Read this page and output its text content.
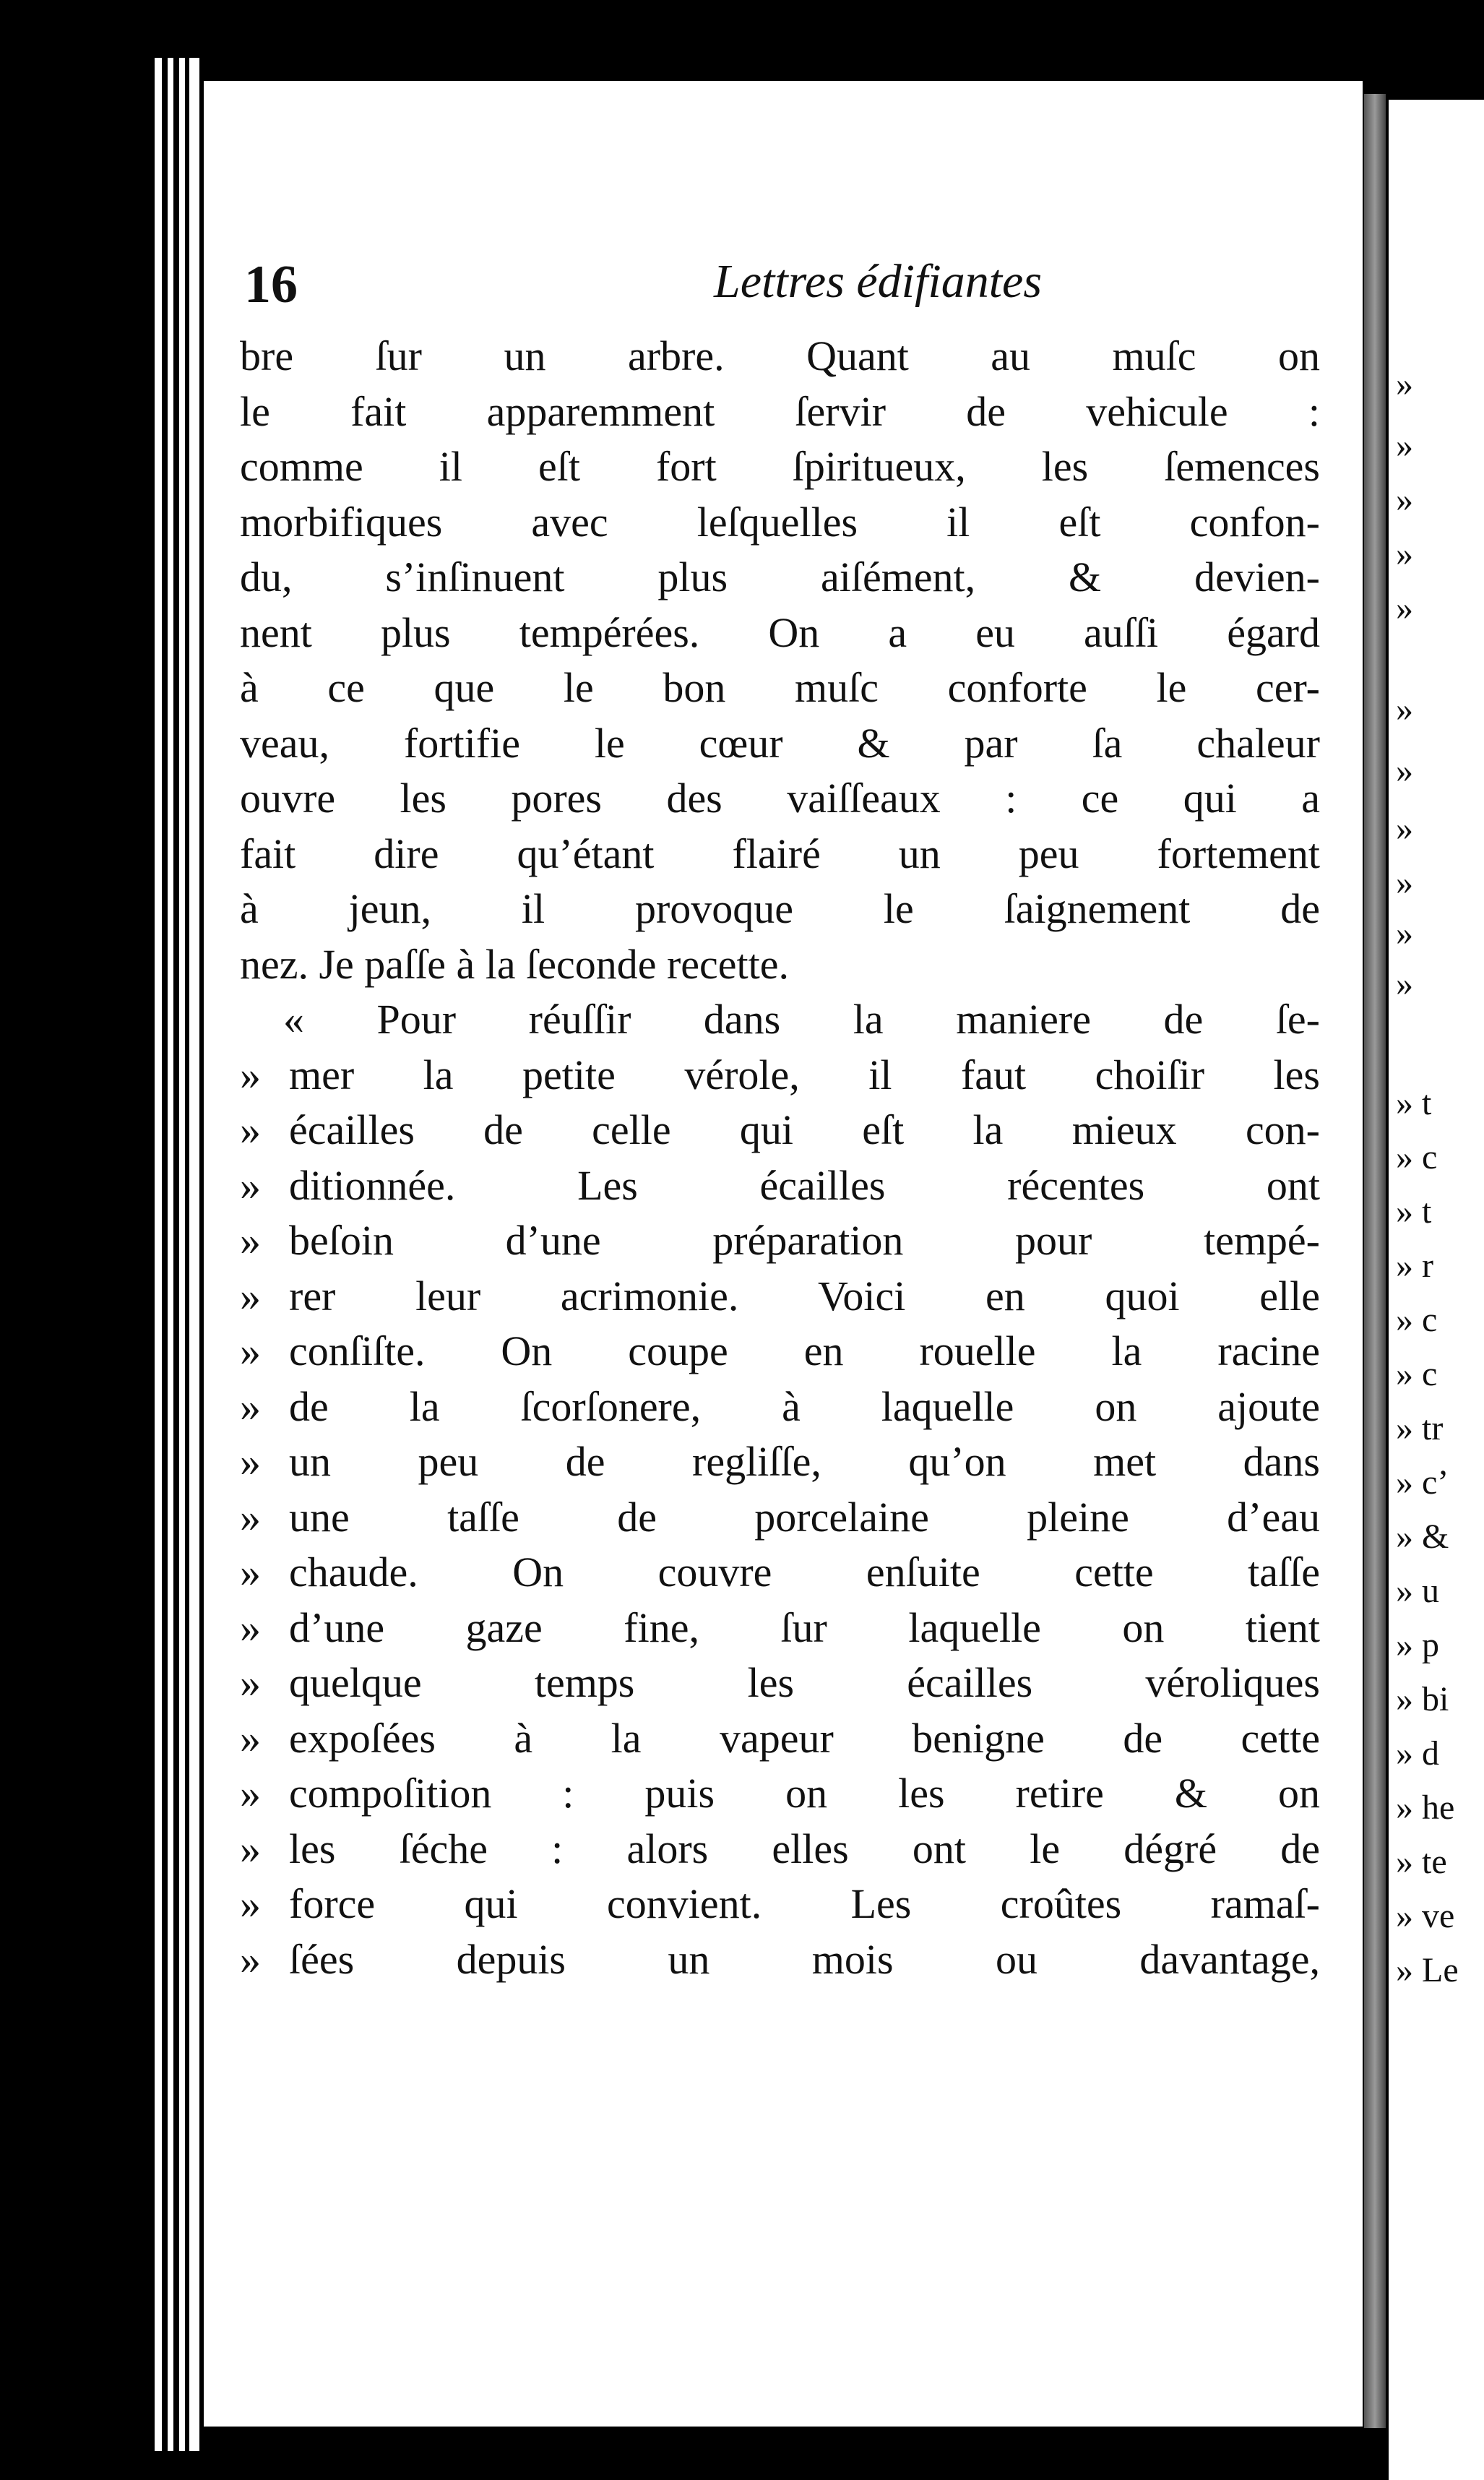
»
»
»
»
»
»
»
»
»
»
»
» t
» c
» t
» r
» c
» c
» tr
» c’
» &
» u
» p
» bi
» d
» he
» te
» ve
» Le
16	Lettres édifiantes
bre ſur un arbre. Quant au muſc on
le fait apparemment ſervir de vehicule :
comme il eſt fort ſpiritueux, les ſemences
morbifiques avec leſquelles il eſt confon-
du, s’inſinuent plus aiſément, & devien-
nent plus tempérées. On a eu auſſi égard
à ce que le bon muſc conforte le cer-
veau, fortifie le cœur & par ſa chaleur
ouvre les pores des vaiſſeaux : ce qui a
fait dire qu’étant flairé un peu fortement
à jeun, il provoque le ſaignement de
nez. Je paſſe à la ſeconde recette.
« Pour réuſſir dans la maniere de ſe-
» mer la petite vérole, il faut choiſir les
» écailles de celle qui eſt la mieux con-
» ditionnée. Les écailles récentes ont
» beſoin d’une préparation pour tempé-
» rer leur acrimonie. Voici en quoi elle
» conſiſte. On coupe en rouelle la racine
» de la ſcorſonere, à laquelle on ajoute
» un peu de regliſſe, qu’on met dans
» une taſſe de porcelaine pleine d’eau
» chaude. On couvre enſuite cette taſſe
» d’une gaze fine, ſur laquelle on tient
» quelque temps les écailles véroliques
» expoſées à la vapeur benigne de cette
» compoſition : puis on les retire & on
» les ſéche : alors elles ont le dégré de
» force qui convient. Les croûtes ramaſ-
» ſées depuis un mois ou davantage,
